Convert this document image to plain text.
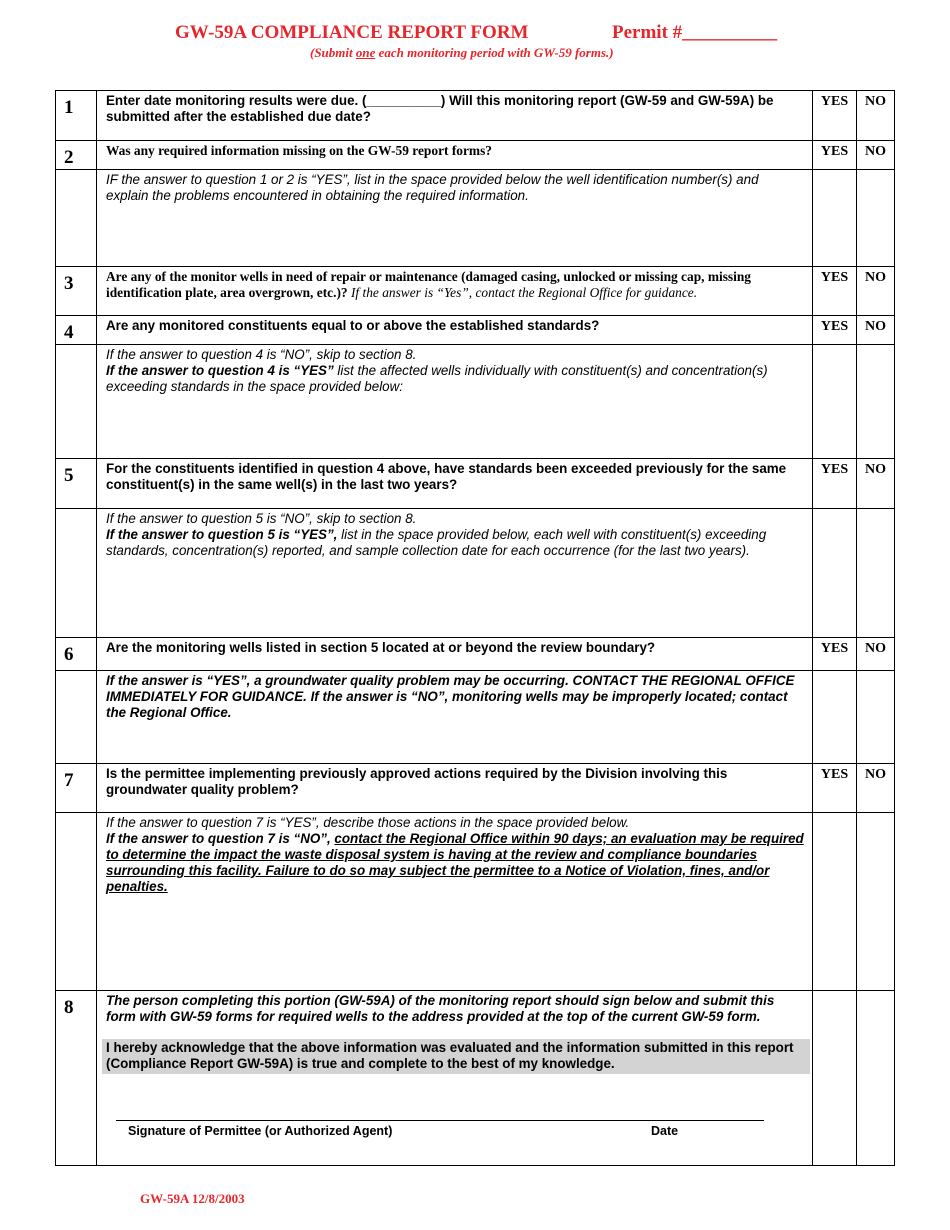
GW-59A COMPLIANCE REPORT FORM	Permit #__________
(Submit one each monitoring period with GW-59 forms.)
1	Enter date monitoring results were due. (__________) Will this monitoring report (GW-59 and GW-59A) be submitted after the established due date?	YES	NO
2	Was any required information missing on the GW-59 report forms?	YES	NO

	IF the answer to question 1 or 2 is “YES”, list in the space provided below the well identification number(s) and explain the problems encountered in obtaining the required information.		

3	Are any of the monitor wells in need of repair or maintenance (damaged casing, unlocked or missing cap, missing identification plate, area overgrown, etc.)? If the answer is “Yes”, contact the Regional Office for guidance.	YES	NO
4	Are any monitored constituents equal to or above the established standards?	YES	NO

	If the answer to question 4 is “NO”, skip to section 8.
If the answer to question 4 is “YES” list the affected wells individually with constituent(s) and concentration(s) exceeding standards in the space provided below:		

5	For the constituents identified in question 4 above, have standards been exceeded previously for the same constituent(s) in the same well(s) in the last two years?	YES	NO

	If the answer to question 5 is “NO”, skip to section 8.
If the answer to question 5 is “YES”, list in the space provided below, each well with constituent(s) exceeding standards, concentration(s) reported, and sample collection date for each occurrence (for the last two years).		

6	Are the monitoring wells listed in section 5 located at or beyond the review boundary?	YES	NO

	If the answer is “YES”, a groundwater quality problem may be occurring. CONTACT THE REGIONAL OFFICE IMMEDIATELY FOR GUIDANCE. If the answer is “NO”, monitoring wells may be improperly located; contact the Regional Office.		

7	Is the permittee implementing previously approved actions required by the Division involving this groundwater quality problem?	YES	NO

	If the answer to question 7 is “YES”, describe those actions in the space provided below.
If the answer to question 7 is “NO”, contact the Regional Office within 90 days; an evaluation may be required to determine the impact the waste disposal system is having at the review and compliance boundaries surrounding this facility. Failure to do so may subject the permittee to a Notice of Violation, fines, and/or penalties.		

8	The person completing this portion (GW-59A) of the monitoring report should sign below and submit this form with GW-59 forms for required wells to the address provided at the top of the current GW-59 form.
I hereby acknowledge that the above information was evaluated and the information submitted in this report (Compliance Report GW-59A) is true and complete to the best of my knowledge.
Signature of Permittee (or Authorized Agent) Date		

GW-59A 12/8/2003
